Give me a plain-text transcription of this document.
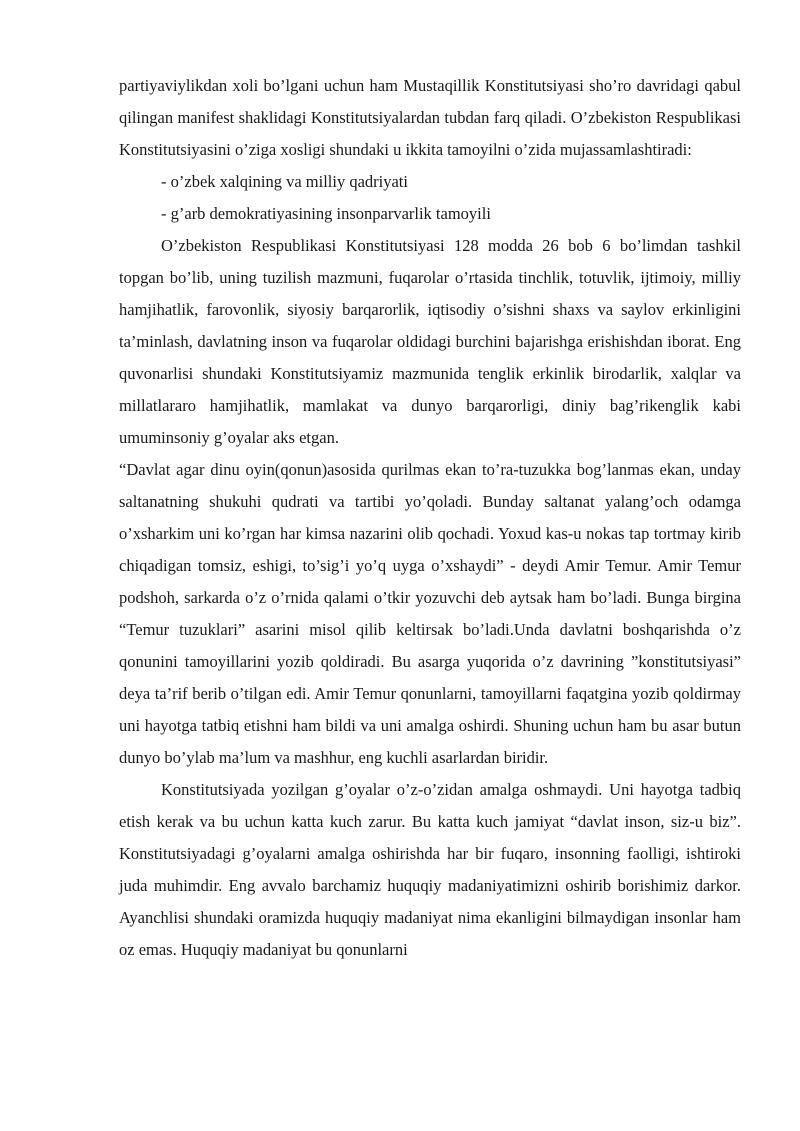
partiyaviylikdan xoli bo’lgani uchun ham Mustaqillik Konstitutsiyasi sho’ro davridagi qabul qilingan manifest shaklidagi Konstitutsiyalardan tubdan farq qiladi. O’zbekiston Respublikasi Konstitutsiyasini o’ziga xosligi shundaki u ikkita tamoyilni o’zida mujassamlashtiradi:

- o’zbek xalqining va milliy qadriyati

- g’arb demokratiyasining insonparvarlik tamoyili

O’zbekiston Respublikasi Konstitutsiyasi 128 modda 26 bob 6 bo’limdan tashkil topgan bo’lib, uning tuzilish mazmuni, fuqarolar o’rtasida tinchlik, totuvlik, ijtimoiy, milliy hamjihatlik, farovonlik, siyosiy barqarorlik, iqtisodiy o’sishni shaxs va saylov erkinligini ta’minlash, davlatning inson va fuqarolar oldidagi burchini bajarishga erishishdan iborat. Eng quvonarlisi shundaki Konstitutsiyamiz mazmunida tenglik erkinlik birodarlik, xalqlar va millatlararo hamjihatlik, mamlakat va dunyo barqarorligi, diniy bag’rikenglik kabi umuminsoniy g’oyalar aks etgan.

“Davlat agar dinu oyin(qonun)asosida qurilmas ekan to’ra-tuzukka bog’lanmas ekan, unday saltanatning shukuhi qudrati va tartibi yo’qoladi. Bunday saltanat yalang’och odamga o’xsharkim uni ko’rgan har kimsa nazarini olib qochadi. Yoxud kas-u nokas tap tortmay kirib chiqadigan tomsiz, eshigi, to’sig’i yo’q uyga o’xshaydi” - deydi Amir Temur. Amir Temur podshoh, sarkarda o’z o’rnida qalami o’tkir yozuvchi deb aytsak ham bo’ladi. Bunga birgina “Temur tuzuklari” asarini misol qilib keltirsak bo’ladi.Unda davlatni boshqarishda o’z qonunini tamoyillarini yozib qoldiradi. Bu asarga yuqorida o’z davrining ”konstitutsiyasi” deya ta’rif berib o’tilgan edi. Amir Temur qonunlarni, tamoyillarni faqatgina yozib qoldirmay uni hayotga tatbiq etishni ham bildi va uni amalga oshirdi. Shuning uchun ham bu asar butun dunyo bo’ylab ma’lum va mashhur, eng kuchli asarlardan biridir.

Konstitutsiyada yozilgan g’oyalar o’z-o’zidan amalga oshmaydi. Uni hayotga tadbiq etish kerak va bu uchun katta kuch zarur. Bu katta kuch jamiyat “davlat inson, siz-u biz”. Konstitutsiyadagi g’oyalarni amalga oshirishda har bir fuqaro, insonning faolligi, ishtiroki juda muhimdir. Eng avvalo barchamiz huquqiy madaniyatimizni oshirib borishimiz darkor. Ayanchlisi shundaki oramizda huquqiy madaniyat nima ekanligini bilmaydigan insonlar ham oz emas. Huquqiy madaniyat bu qonunlarni
